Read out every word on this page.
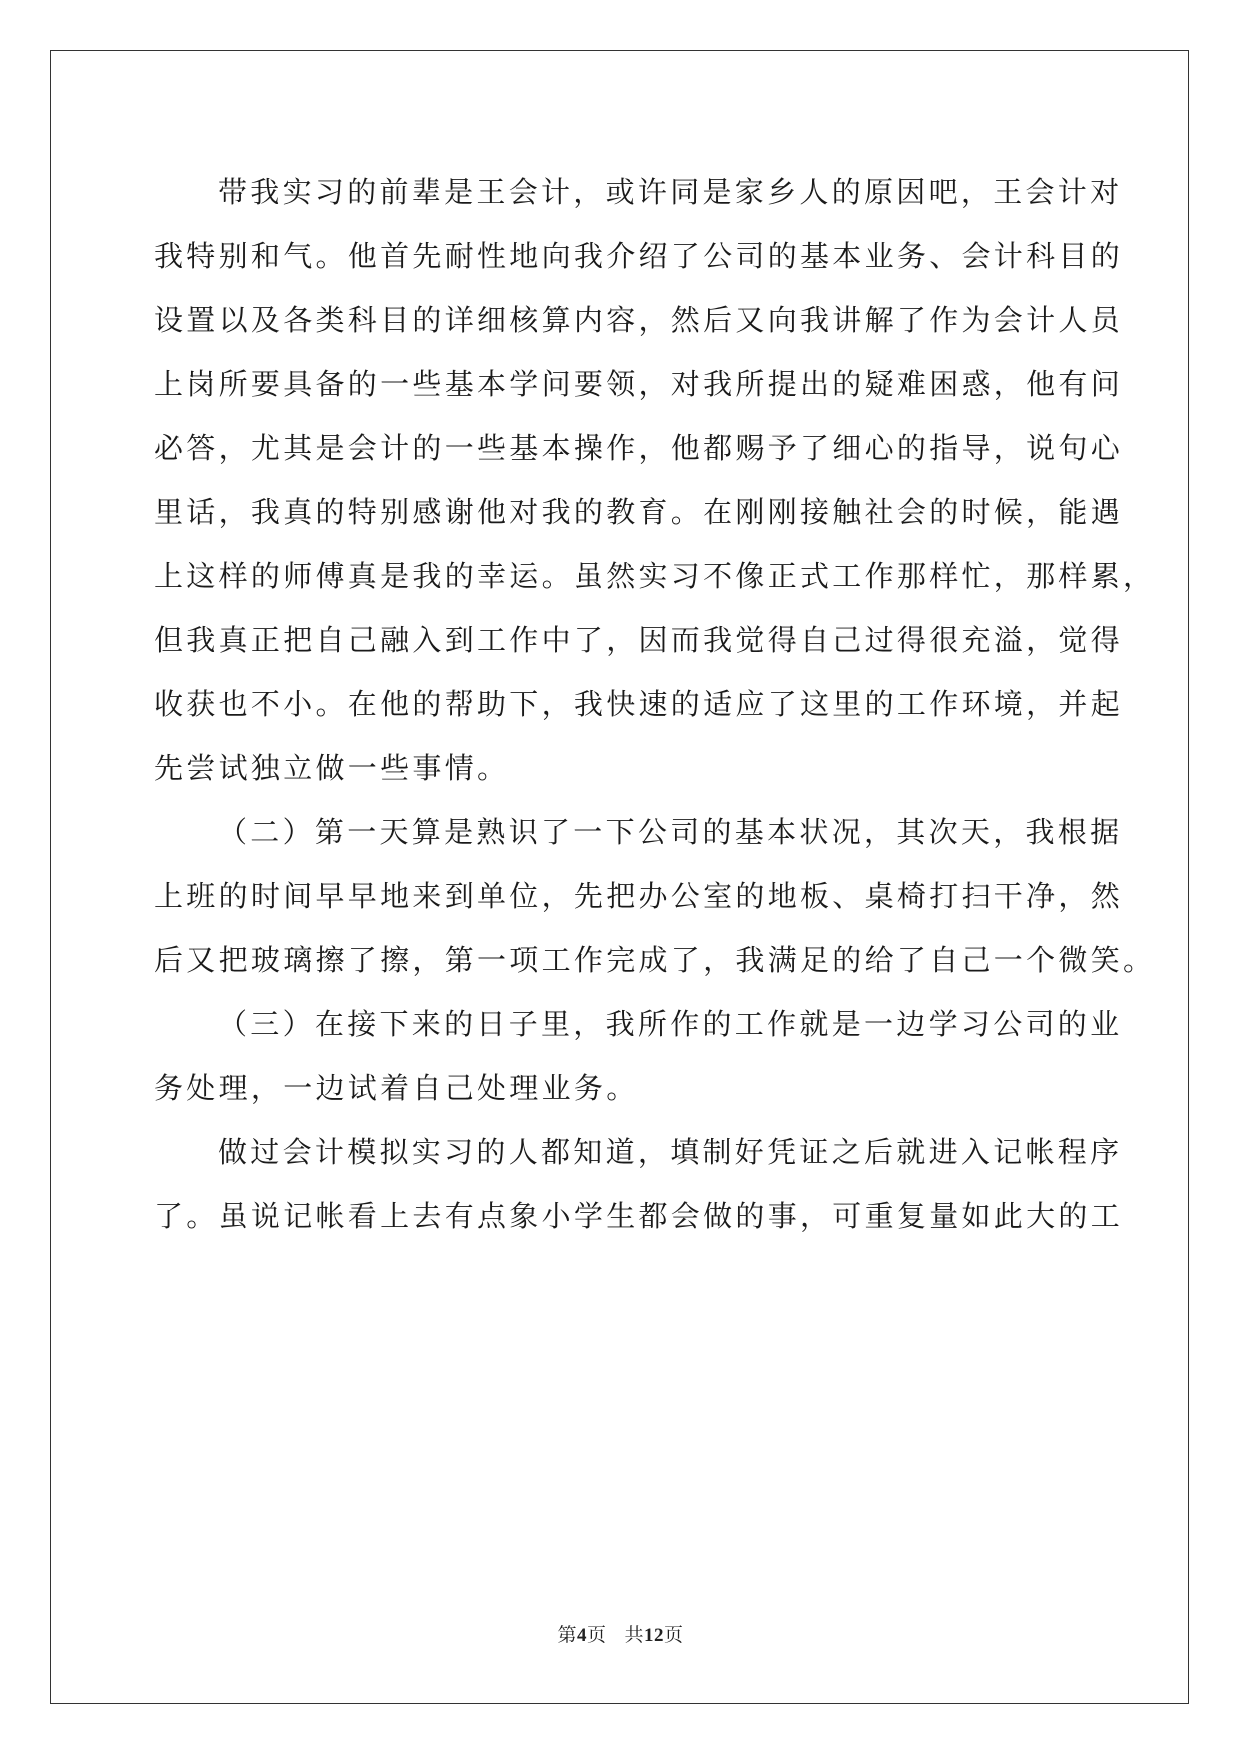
带我实习的前辈是王会计，或许同是家乡人的原因吧，王会计对
我特别和气。他首先耐性地向我介绍了公司的基本业务、会计科目的
设置以及各类科目的详细核算内容，然后又向我讲解了作为会计人员
上岗所要具备的一些基本学问要领，对我所提出的疑难困惑，他有问
必答，尤其是会计的一些基本操作，他都赐予了细心的指导，说句心
里话，我真的特别感谢他对我的教育。在刚刚接触社会的时候，能遇
上这样的师傅真是我的幸运。虽然实习不像正式工作那样忙，那样累，
但我真正把自己融入到工作中了，因而我觉得自己过得很充溢，觉得
收获也不小。在他的帮助下，我快速的适应了这里的工作环境，并起
先尝试独立做一些事情。
（二）第一天算是熟识了一下公司的基本状况，其次天，我根据
上班的时间早早地来到单位，先把办公室的地板、桌椅打扫干净，然
后又把玻璃擦了擦，第一项工作完成了，我满足的给了自己一个微笑。
（三）在接下来的日子里，我所作的工作就是一边学习公司的业
务处理，一边试着自己处理业务。
做过会计模拟实习的人都知道，填制好凭证之后就进入记帐程序
了。虽说记帐看上去有点象小学生都会做的事，可重复量如此大的工
第4页 共12页
